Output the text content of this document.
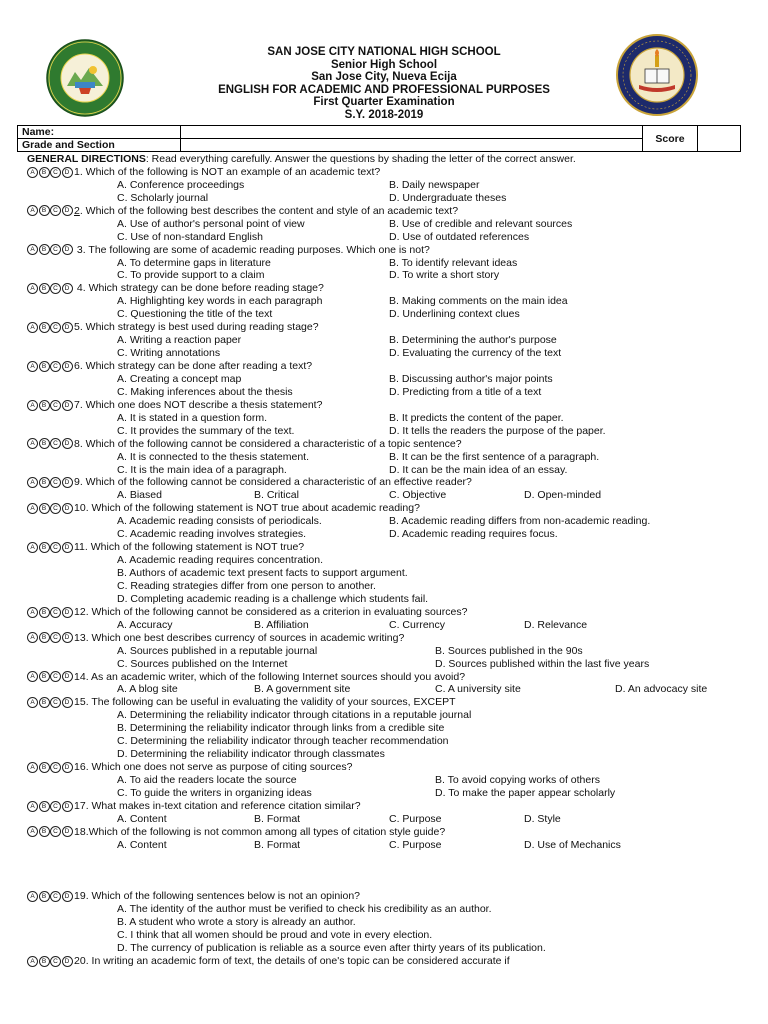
SAN JOSE CITY NATIONAL HIGH SCHOOL
Senior High School
San Jose City, Nueva Ecija
ENGLISH FOR ACADEMIC AND PROFESSIONAL PURPOSES
First Quarter Examination
S.Y. 2018-2019
Name:		Score	
Grade and Section			
GENERAL DIRECTIONS: Read everything carefully. Answer the questions by shading the letter of the correct answer.
A	B	C	D 1. Which of the following is NOT an example of an academic text?
A. Conference proceedings	B. Daily newspaper
C. Scholarly journal	D. Undergraduate theses
A	B	C	D 2. Which of the following best describes the content and style of an academic text?
A. Use of author's personal point of view	B. Use of credible and relevant sources
C. Use of non-standard English	D. Use of outdated references
A	B	C	D 3. The following are some of academic reading purposes. Which one is not?
A. To determine gaps in literature	B. To identify relevant ideas
C. To provide support to a claim	D. To write a short story
A	B	C	D 4. Which strategy can be done before reading stage?
A. Highlighting key words in each paragraph	B. Making comments on the main idea
C. Questioning the title of the text	D. Underlining context clues
A	B	C	D 5. Which strategy is best used during reading stage?
A. Writing a reaction paper	B. Determining the author's purpose
C. Writing annotations	D. Evaluating the currency of the text
A	B	C	D 6. Which strategy can be done after reading a text?
A. Creating a concept map	B. Discussing author's major points
C. Making inferences about the thesis	D. Predicting from a title of a text
A	B	C	D 7. Which one does NOT describe a thesis statement?
A. It is stated in a question form.	B. It predicts the content of the paper.
C. It provides the summary of the text.	D. It tells the readers the purpose of the paper.
A	B	C	D 8. Which of the following cannot be considered a characteristic of a topic sentence?
A. It is connected to the thesis statement.	B. It can be the first sentence of a paragraph.
C. It is the main idea of a paragraph.	D. It can be the main idea of an essay.
A	B	C	D 9. Which of the following cannot be considered a characteristic of an effective reader?
A. Biased	B. Critical	C. Objective	D. Open-minded
A	B	C	D 10. Which of the following statement is NOT true about academic reading?
A. Academic reading consists of periodicals.	B. Academic reading differs from non-academic reading.
C. Academic reading involves strategies.	D. Academic reading requires focus.
A	B	C	D 11. Which of the following statement is NOT true?
A. Academic reading requires concentration.
B. Authors of academic text present facts to support argument.
C. Reading strategies differ from one person to another.
D. Completing academic reading is a challenge which students fail.
A	B	C	D 12. Which of the following cannot be considered as a criterion in evaluating sources?
A. Accuracy	B. Affiliation	C. Currency	D. Relevance
A	B	C	D 13. Which one best describes currency of sources in academic writing?
A. Sources published in a reputable journal	B. Sources published in the 90s
C. Sources published on the Internet	D. Sources published within the last five years
A	B	C	D 14. As an academic writer, which of the following Internet sources should you avoid?
A. A blog site	B. A government site	C. A university site	D. An advocacy site
A	B	C	D 15. The following can be useful in evaluating the validity of your sources, EXCEPT
A. Determining the reliability indicator through citations in a reputable journal
B. Determining the reliability indicator through links from a credible site
C. Determining the reliability indicator through teacher recommendation
D. Determining the reliability indicator through classmates
A	B	C	D 16. Which one does not serve as purpose of citing sources?
A. To aid the readers locate the source	B. To avoid copying works of others
C. To guide the writers in organizing ideas	D. To make the paper appear scholarly
A	B	C	D 17. What makes in-text citation and reference citation similar?
A. Content	B. Format	C. Purpose	D. Style
A	B	C	D 18.Which of the following is not common among all types of citation style guide?
A. Content	B. Format	C. Purpose	D. Use of Mechanics
A	B	C	D 19. Which of the following sentences below is not an opinion?
A. The identity of the author must be verified to check his credibility as an author.
B. A student who wrote a story is already an author.
C. I think that all women should be proud and vote in every election.
D. The currency of publication is reliable as a source even after thirty years of its publication.
A	B	C	D 20. In writing an academic form of text, the details of one's topic can be considered accurate if
